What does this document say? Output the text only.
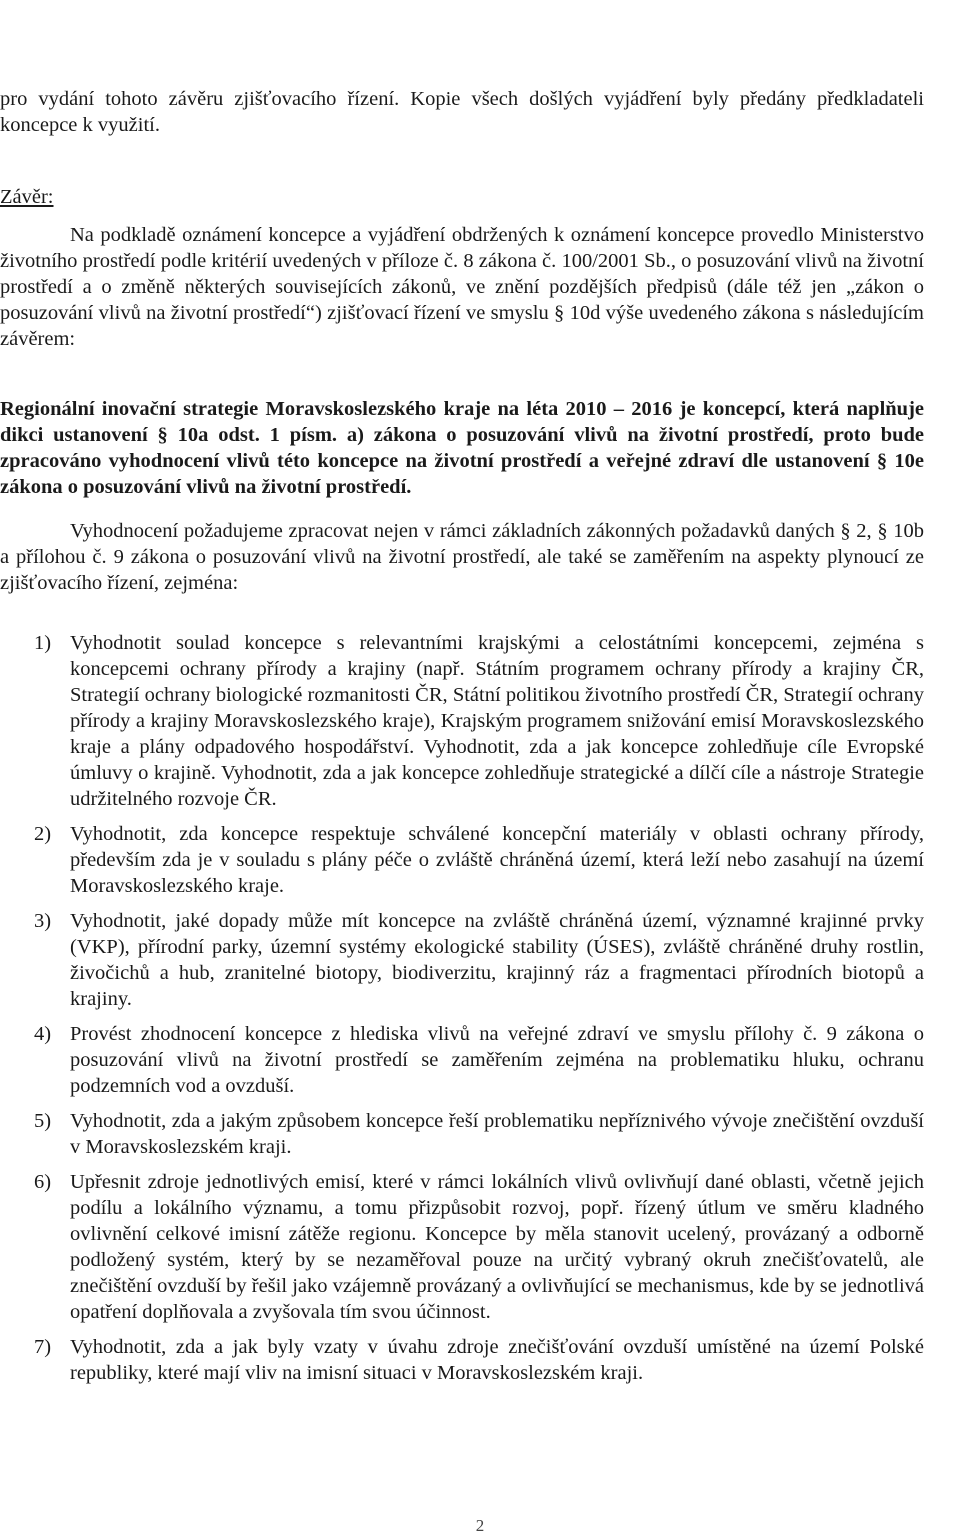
pro vydání tohoto závěru zjišťovacího řízení. Kopie všech došlých vyjádření byly předány předkladateli koncepce k využití.

Závěr:

Na podkladě oznámení koncepce a vyjádření obdržených k oznámení koncepce provedlo Ministerstvo životního prostředí podle kritérií uvedených v příloze č. 8 zákona č. 100/2001 Sb., o posuzování vlivů na životní prostředí a o změně některých souvisejících zákonů, ve znění pozdějších předpisů (dále též jen „zákon o posuzování vlivů na životní prostředí“) zjišťovací řízení ve smyslu § 10d výše uvedeného zákona s následujícím závěrem:

Regionální inovační strategie Moravskoslezského kraje na léta 2010 – 2016 je koncepcí, která naplňuje dikci ustanovení § 10a odst. 1 písm. a) zákona o posuzování vlivů na životní prostředí, proto bude zpracováno vyhodnocení vlivů této koncepce na životní prostředí a veřejné zdraví dle ustanovení § 10e zákona o posuzování vlivů na životní prostředí.

Vyhodnocení požadujeme zpracovat nejen v rámci základních zákonných požadavků daných § 2, § 10b a přílohou č. 9 zákona o posuzování vlivů na životní prostředí, ale také se zaměřením na aspekty plynoucí ze zjišťovacího řízení, zejména:

1) Vyhodnotit soulad koncepce s relevantními krajskými a celostátními koncepcemi, zejména s koncepcemi ochrany přírody a krajiny (např. Státním programem ochrany přírody a krajiny ČR, Strategií ochrany biologické rozmanitosti ČR, Státní politikou životního prostředí ČR, Strategií ochrany přírody a krajiny Moravskoslezského kraje), Krajským programem snižování emisí Moravskoslezského kraje a plány odpadového hospodářství. Vyhodnotit, zda a jak koncepce zohledňuje cíle Evropské úmluvy o krajině. Vyhodnotit, zda a jak koncepce zohledňuje strategické a dílčí cíle a nástroje Strategie udržitelného rozvoje ČR.
2) Vyhodnotit, zda koncepce respektuje schválené koncepční materiály v oblasti ochrany přírody, především zda je v souladu s plány péče o zvláště chráněná území, která leží nebo zasahují na území Moravskoslezského kraje.
3) Vyhodnotit, jaké dopady může mít koncepce na zvláště chráněná území, významné krajinné prvky (VKP), přírodní parky, územní systémy ekologické stability (ÚSES), zvláště chráněné druhy rostlin, živočichů a hub, zranitelné biotopy, biodiverzitu, krajinný ráz a fragmentaci přírodních biotopů a krajiny.
4) Provést zhodnocení koncepce z hlediska vlivů na veřejné zdraví ve smyslu přílohy č. 9 zákona o posuzování vlivů na životní prostředí se zaměřením zejména na problematiku hluku, ochranu podzemních vod a ovzduší.
5) Vyhodnotit, zda a jakým způsobem koncepce řeší problematiku nepříznivého vývoje znečištění ovzduší v Moravskoslezském kraji.
6) Upřesnit zdroje jednotlivých emisí, které v rámci lokálních vlivů ovlivňují dané oblasti, včetně jejich podílu a lokálního významu, a tomu přizpůsobit rozvoj, popř. řízený útlum ve směru kladného ovlivnění celkové imisní zátěže regionu. Koncepce by měla stanovit ucelený, provázaný a odborně podložený systém, který by se nezaměřoval pouze na určitý vybraný okruh znečišťovatelů, ale znečištění ovzduší by řešil jako vzájemně provázaný a ovlivňující se mechanismus, kde by se jednotlivá opatření doplňovala a zvyšovala tím svou účinnost.
7) Vyhodnotit, zda a jak byly vzaty v úvahu zdroje znečišťování ovzduší umístěné na území Polské republiky, které mají vliv na imisní situaci v Moravskoslezském kraji.
2
